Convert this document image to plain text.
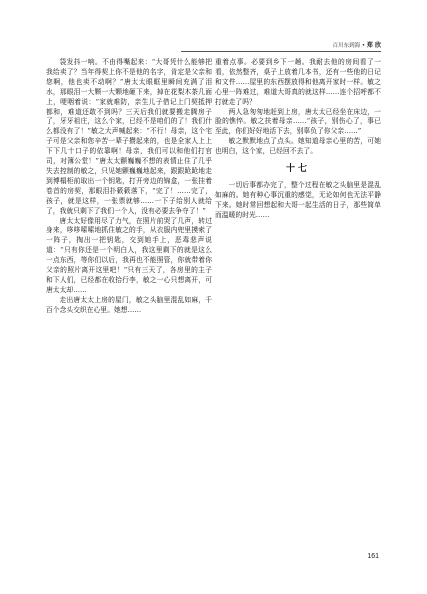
百川东到海 • 郑 欣

袋发抖一响。不由得嘴起来：“大哥凭什么能够把我给卖了？当年得契上你不是他的名字，肯定是父亲和您啊，他也卖不动啊？”唐太太眼眶里瞬间充满了泪水，那眼泪一大颗一大颗地砸下来，掉在花梨木茶几面上，哽咽着说：“家就难防，亲生儿子借记上门契抵押都和，难道还敢不到吗？三天后我们就要搬走腾房子了，牙牙祖庄，这么个家，已经不是咱们的了！我们什么都没有了！”敏之大声喊起来：“不行！母亲，这个宅子可是父亲和您辛苦一辈子攒起来的，也是全家人上上下下几十口子的依靠啊！母亲，我们可以和他们打官司，对簿公堂！”唐太太颤巍巍不想的表情止住了几乎失去控制的敏之，只见她颤巍巍地起来，跟跟跄跄地走到博榻柜前取出一个钥匙，打开旁边的锦盒，一张挂着卷首的房契，那眼泪扑簌簌落下，“完了！……完了，孩子，就是这样，一张票就够……一下子给别人就给了，我就只剩下了我们一个人，没有必要去争夺了！”

唐太太好像用尽了力气，在照片前哭了几声，转过身来，哆哆嗦嗦地抓住敏之的手，从衣服内兜里摸索了一阵子，掏出一把钥匙，交到她手上，恶毒悲声说道：“只有你还是一个明白人，我这里剩下的就是这么一点东西，等你们以后，我再也不能照管，你就带着你父亲的照片离开这里吧！”只有三天了，各房里的主子和下人们，已经都在收拾行李，敏之一心只想离开，可唐太太却……

走出唐太太上房的屋门，敏之头脑里混乱如麻，千百个念头交织在心里。她想……

重着点事。必要到乡下一趟。我耐去他的房间看了一看，依然整齐，桌子上放着几本书，还有一些他的日记和文件……屋里的东西摆放得和他离开家时一样。敏之心里一阵难过，难道大哥真的就这样……连个招呼都不打就走了吗？

两人急匆匆地赶到上房，唐太太已经坐在床边，一脸的憔悴。敏之扶着母亲……“孩子，别伤心了，事已至此，你们好好地活下去，别辜负了你父亲……”

敏之默默地点了点头。她知道母亲心里的苦，可她也明白，这个家，已经回不去了。

十七

一切后事都办完了，整个过程在敏之头脑里是混乱如麻的。她有种心事沉重的感觉，无论如何也无法平静下来。她时常回想起和大哥一起生活的日子，那些简单而温暖的时光……

161
